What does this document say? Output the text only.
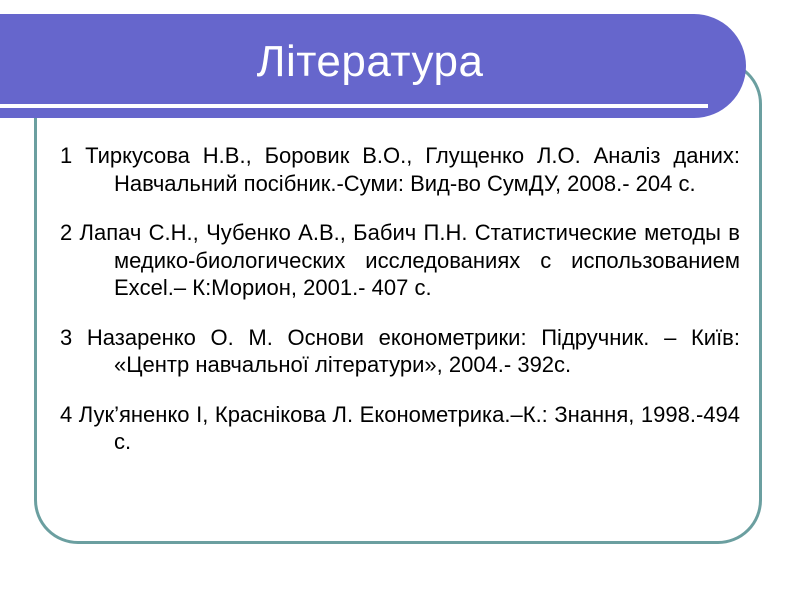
Література

1 Тиркусова Н.В., Боровик В.О., Глущенко Л.О. Аналіз даних: Навчальний посібник.-Суми: Вид-во СумДУ, 2008.- 204 с.

2 Лапач С.Н., Чубенко А.В., Бабич П.Н. Статистические методы в медико-биологических исследованиях с использованием Excel.– К:Морион, 2001.- 407 с.

3 Назаренко О. М. Основи економетрики: Підручник. – Київ: «Центр навчальної літератури», 2004.- 392с.

4 Лук’яненко І, Краснікова Л. Економетрика.–К.: Знання, 1998.-494 с.
